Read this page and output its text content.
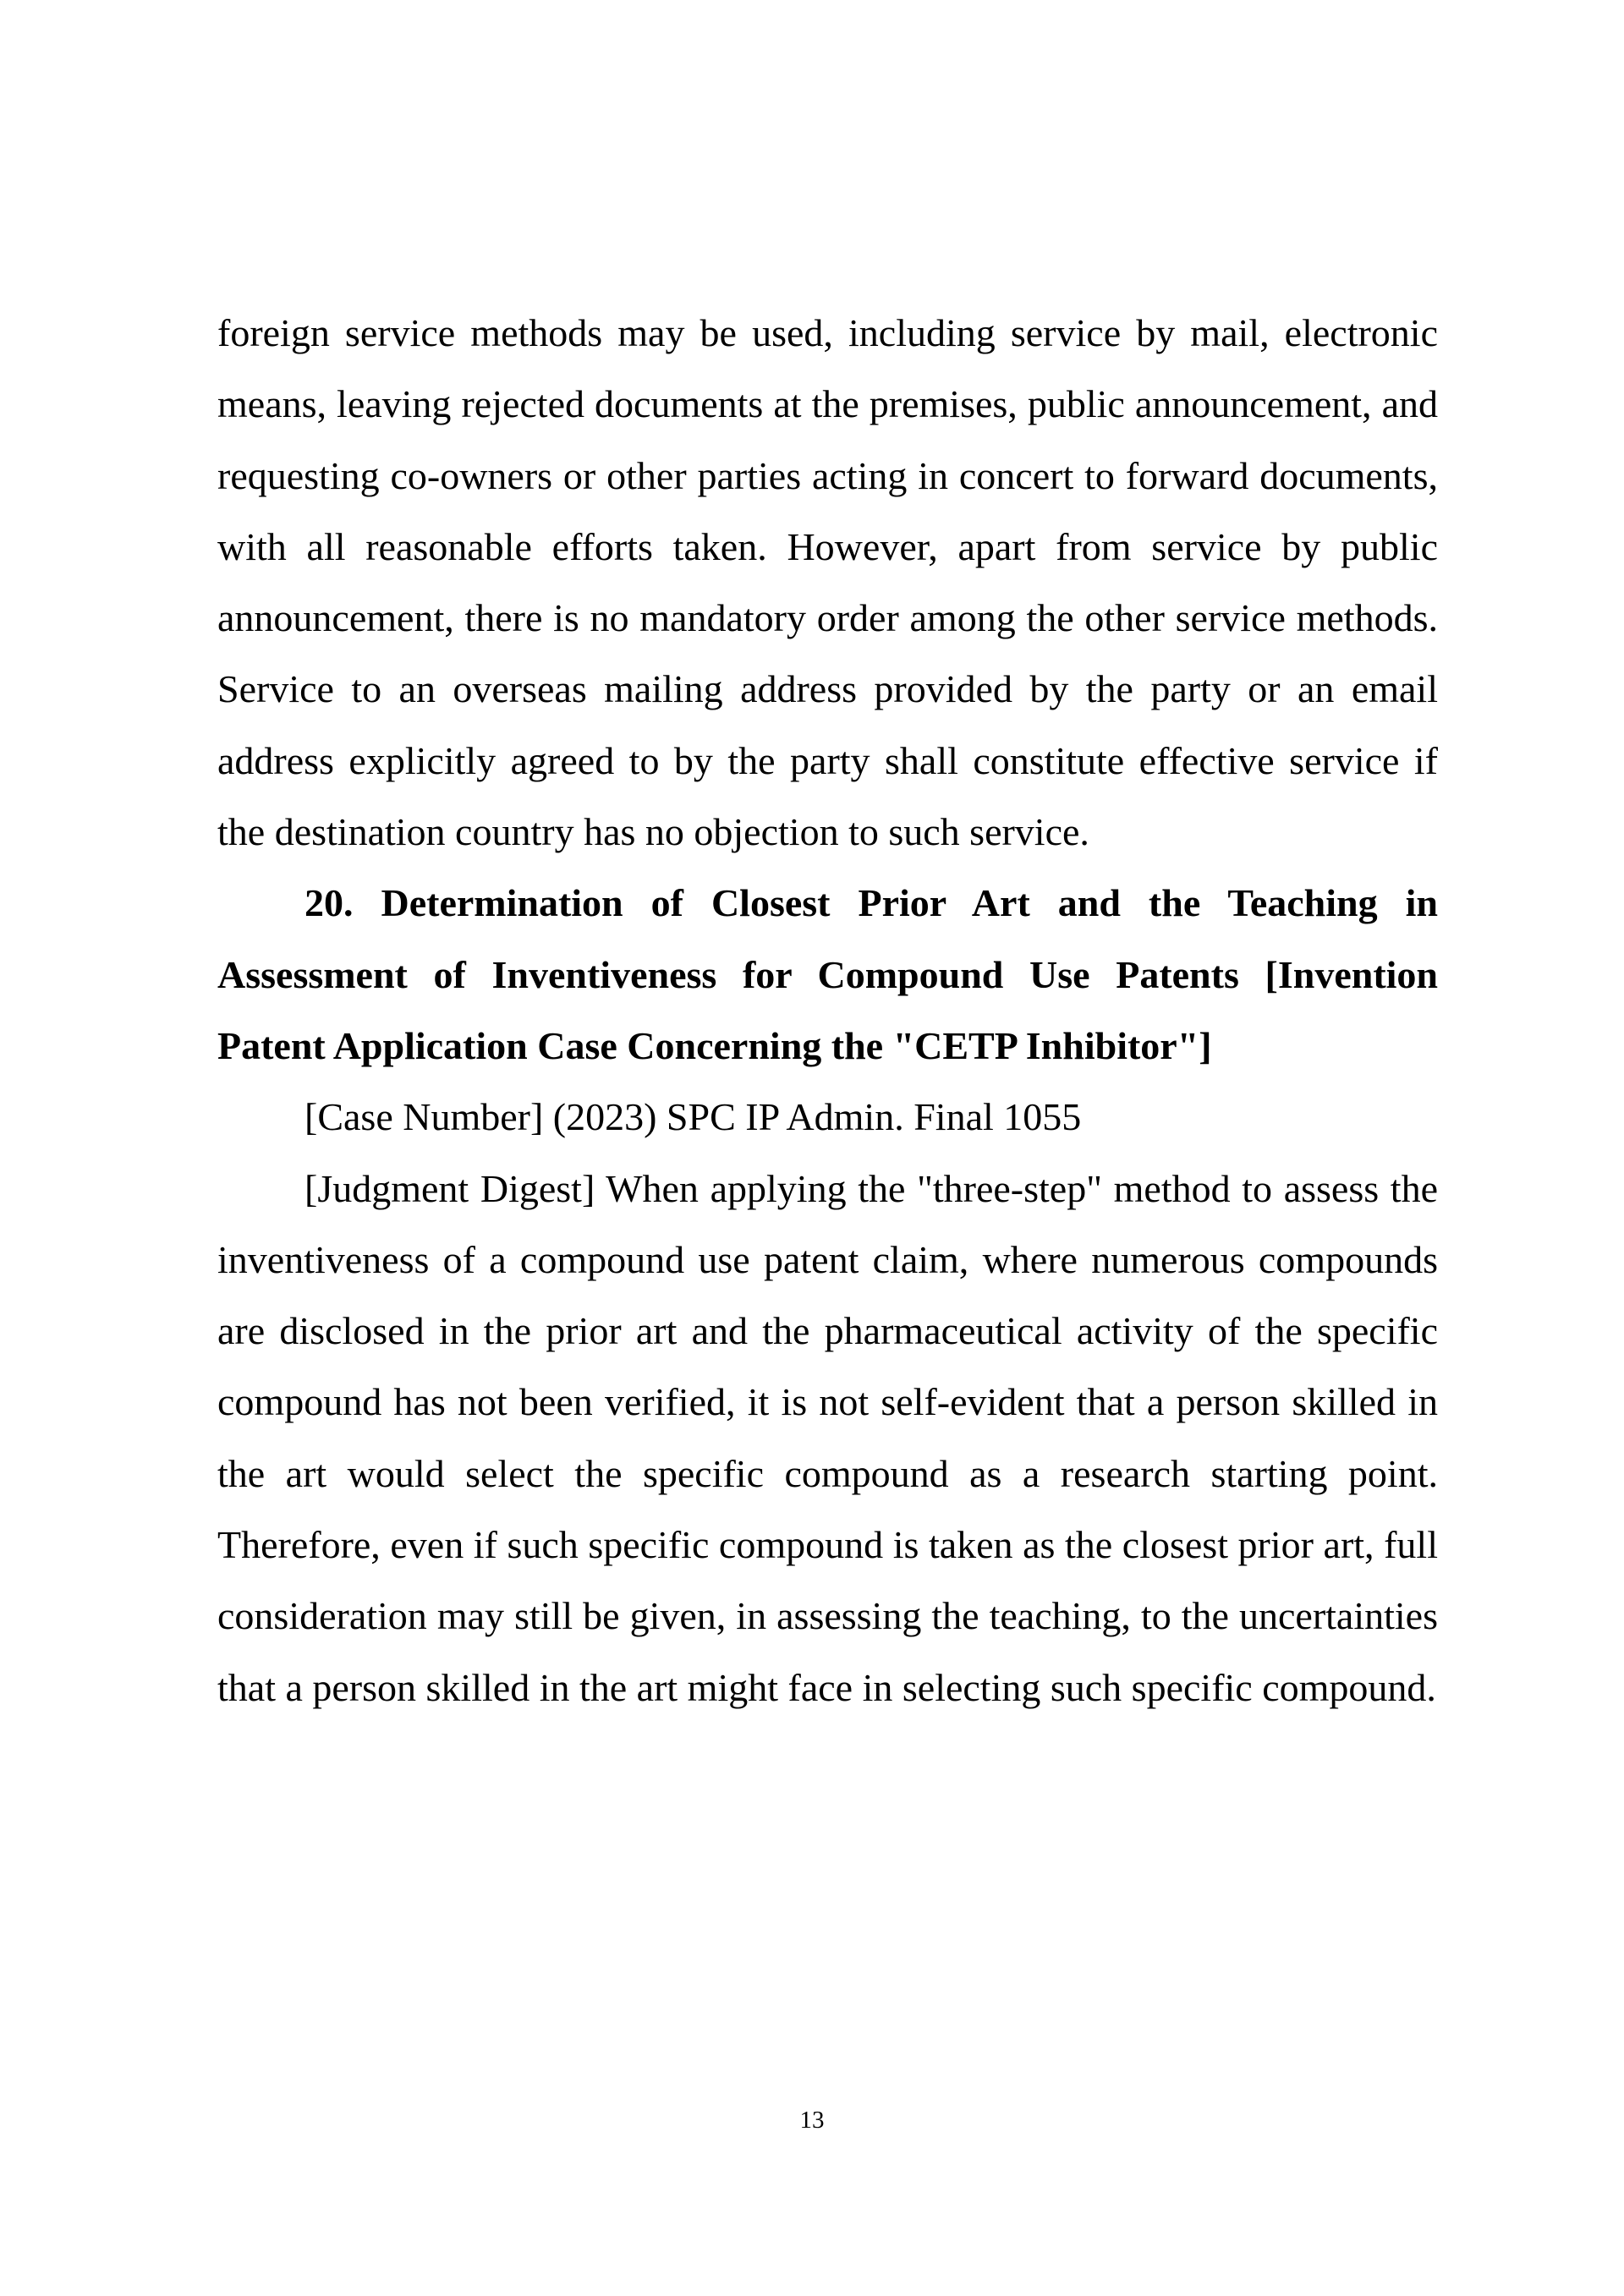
foreign service methods may be used, including service by mail, electronic means, leaving rejected documents at the premises, public announcement, and requesting co-owners or other parties acting in concert to forward documents, with all reasonable efforts taken. However, apart from service by public announcement, there is no mandatory order among the other service methods. Service to an overseas mailing address provided by the party or an email address explicitly agreed to by the party shall constitute effective service if the destination country has no objection to such service.

20. Determination of Closest Prior Art and the Teaching in Assessment of Inventiveness for Compound Use Patents [Invention Patent Application Case Concerning the "CETP Inhibitor"]

[Case Number] (2023) SPC IP Admin. Final 1055

[Judgment Digest] When applying the "three-step" method to assess the inventiveness of a compound use patent claim, where numerous compounds are disclosed in the prior art and the pharmaceutical activity of the specific compound has not been verified, it is not self-evident that a person skilled in the art would select the specific compound as a research starting point. Therefore, even if such specific compound is taken as the closest prior art, full consideration may still be given, in assessing the teaching, to the uncertainties that a person skilled in the art might face in selecting such specific compound.

13
